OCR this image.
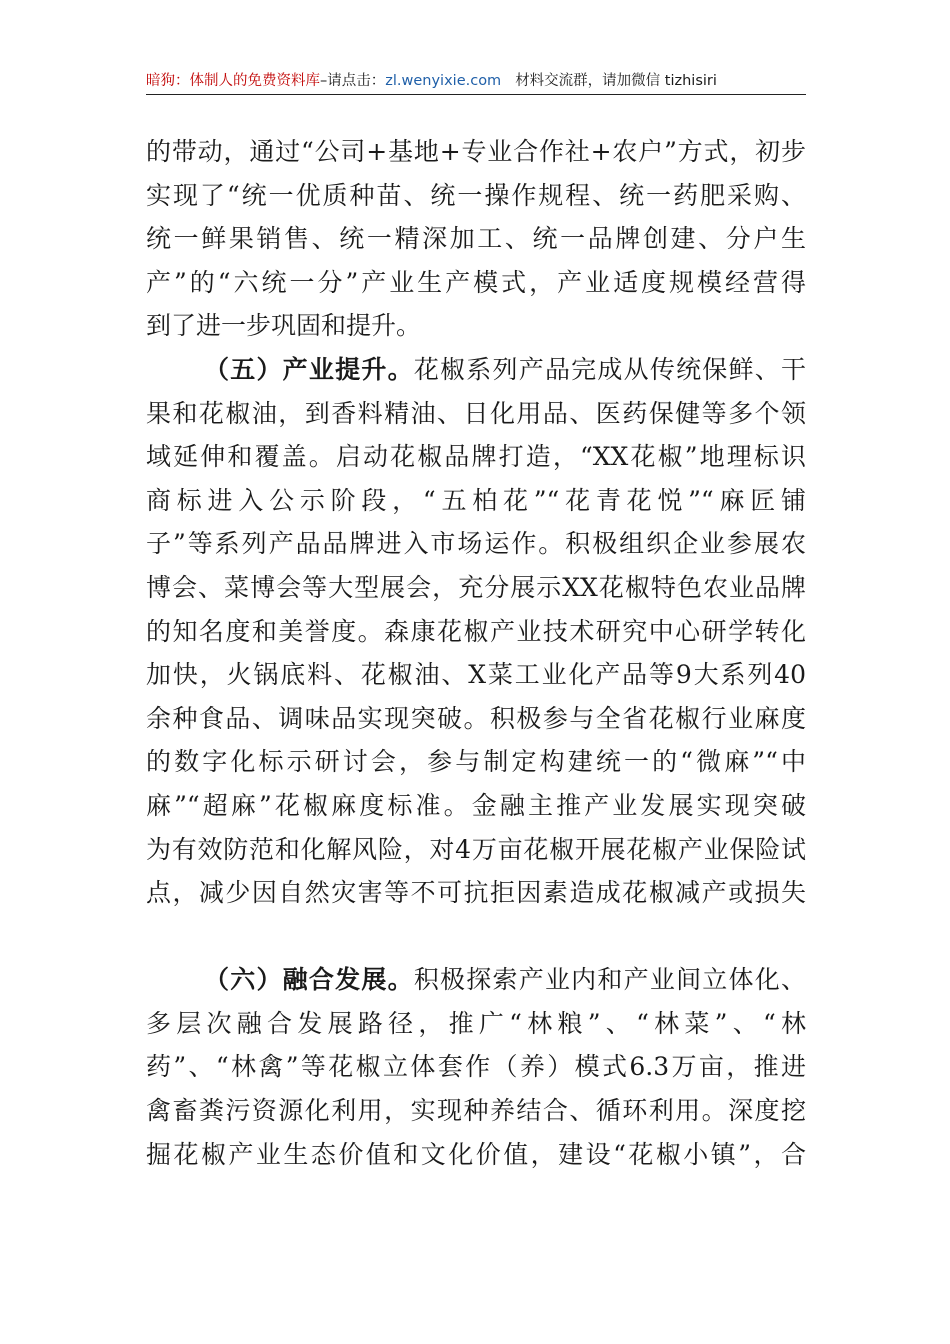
暗狗：体制人的免费资料库–请点击：zl.wenyixie.com 材料交流群，请加微信 tizhisiri
的带动，通过“公司+基地+专业合作社+农户”方式，初步
实现了“统一优质种苗、统一操作规程、统一药肥采购、
统一鲜果销售、统一精深加工、统一品牌创建、分户生
产”的“六统一分”产业生产模式，产业适度规模经营得
到了进一步巩固和提升。
（五）产业提升。花椒系列产品完成从传统保鲜、干
果和花椒油，到香料精油、日化用品、医药保健等多个领
域延伸和覆盖。启动花椒品牌打造，“XX花椒”地理标识
商标进入公示阶段，“五柏花”“花青花悦”“麻匠铺
子”等系列产品品牌进入市场运作。积极组织企业参展农
博会、菜博会等大型展会，充分展示XX花椒特色农业品牌
的知名度和美誉度。森康花椒产业技术研究中心研学转化
加快，火锅底料、花椒油、X菜工业化产品等9大系列40
余种食品、调味品实现突破。积极参与全省花椒行业麻度
的数字化标示研讨会，参与制定构建统一的“微麻”“中
麻”“超麻”花椒麻度标准。金融主推产业发展实现突破
为有效防范和化解风险，对4万亩花椒开展花椒产业保险试
点，减少因自然灾害等不可抗拒因素造成花椒减产或损失
（六）融合发展。积极探索产业内和产业间立体化、
多层次融合发展路径，推广“林粮”、“林菜”、“林
药”、“林禽”等花椒立体套作（养）模式6.3万亩，推进
禽畜粪污资源化利用，实现种养结合、循环利用。深度挖
掘花椒产业生态价值和文化价值，建设“花椒小镇”，合
